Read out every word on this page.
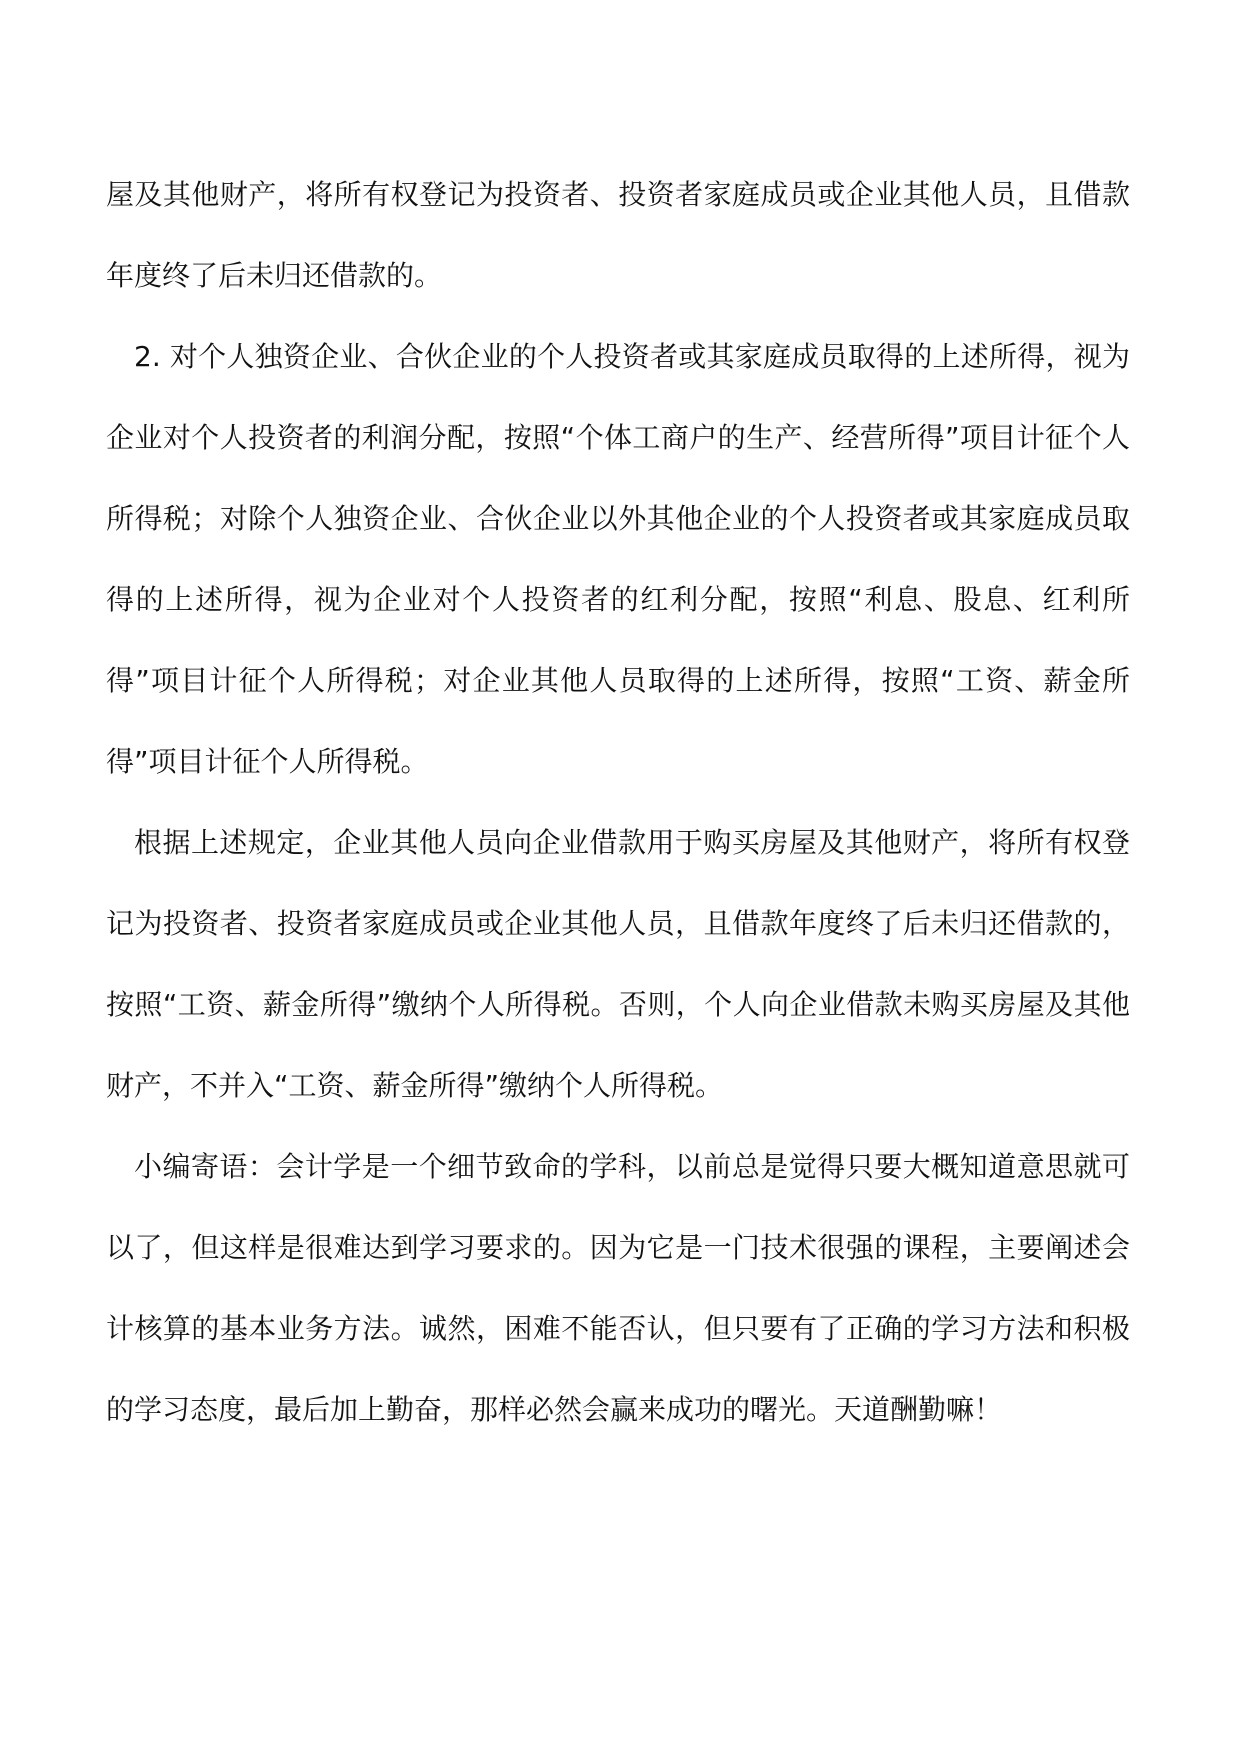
屋及其他财产，将所有权登记为投资者、投资者家庭成员或企业其他人员，且借款年度终了后未归还借款的。

2. 对个人独资企业、合伙企业的个人投资者或其家庭成员取得的上述所得，视为企业对个人投资者的利润分配，按照“个体工商户的生产、经营所得”项目计征个人所得税；对除个人独资企业、合伙企业以外其他企业的个人投资者或其家庭成员取得的上述所得，视为企业对个人投资者的红利分配，按照“利息、股息、红利所得”项目计征个人所得税；对企业其他人员取得的上述所得，按照“工资、薪金所得”项目计征个人所得税。

根据上述规定，企业其他人员向企业借款用于购买房屋及其他财产，将所有权登记为投资者、投资者家庭成员或企业其他人员，且借款年度终了后未归还借款的，按照“工资、薪金所得”缴纳个人所得税。否则，个人向企业借款未购买房屋及其他财产，不并入“工资、薪金所得”缴纳个人所得税。

小编寄语：会计学是一个细节致命的学科，以前总是觉得只要大概知道意思就可以了，但这样是很难达到学习要求的。因为它是一门技术很强的课程，主要阐述会计核算的基本业务方法。诚然，困难不能否认，但只要有了正确的学习方法和积极的学习态度，最后加上勤奋，那样必然会赢来成功的曙光。天道酬勤嘛！
